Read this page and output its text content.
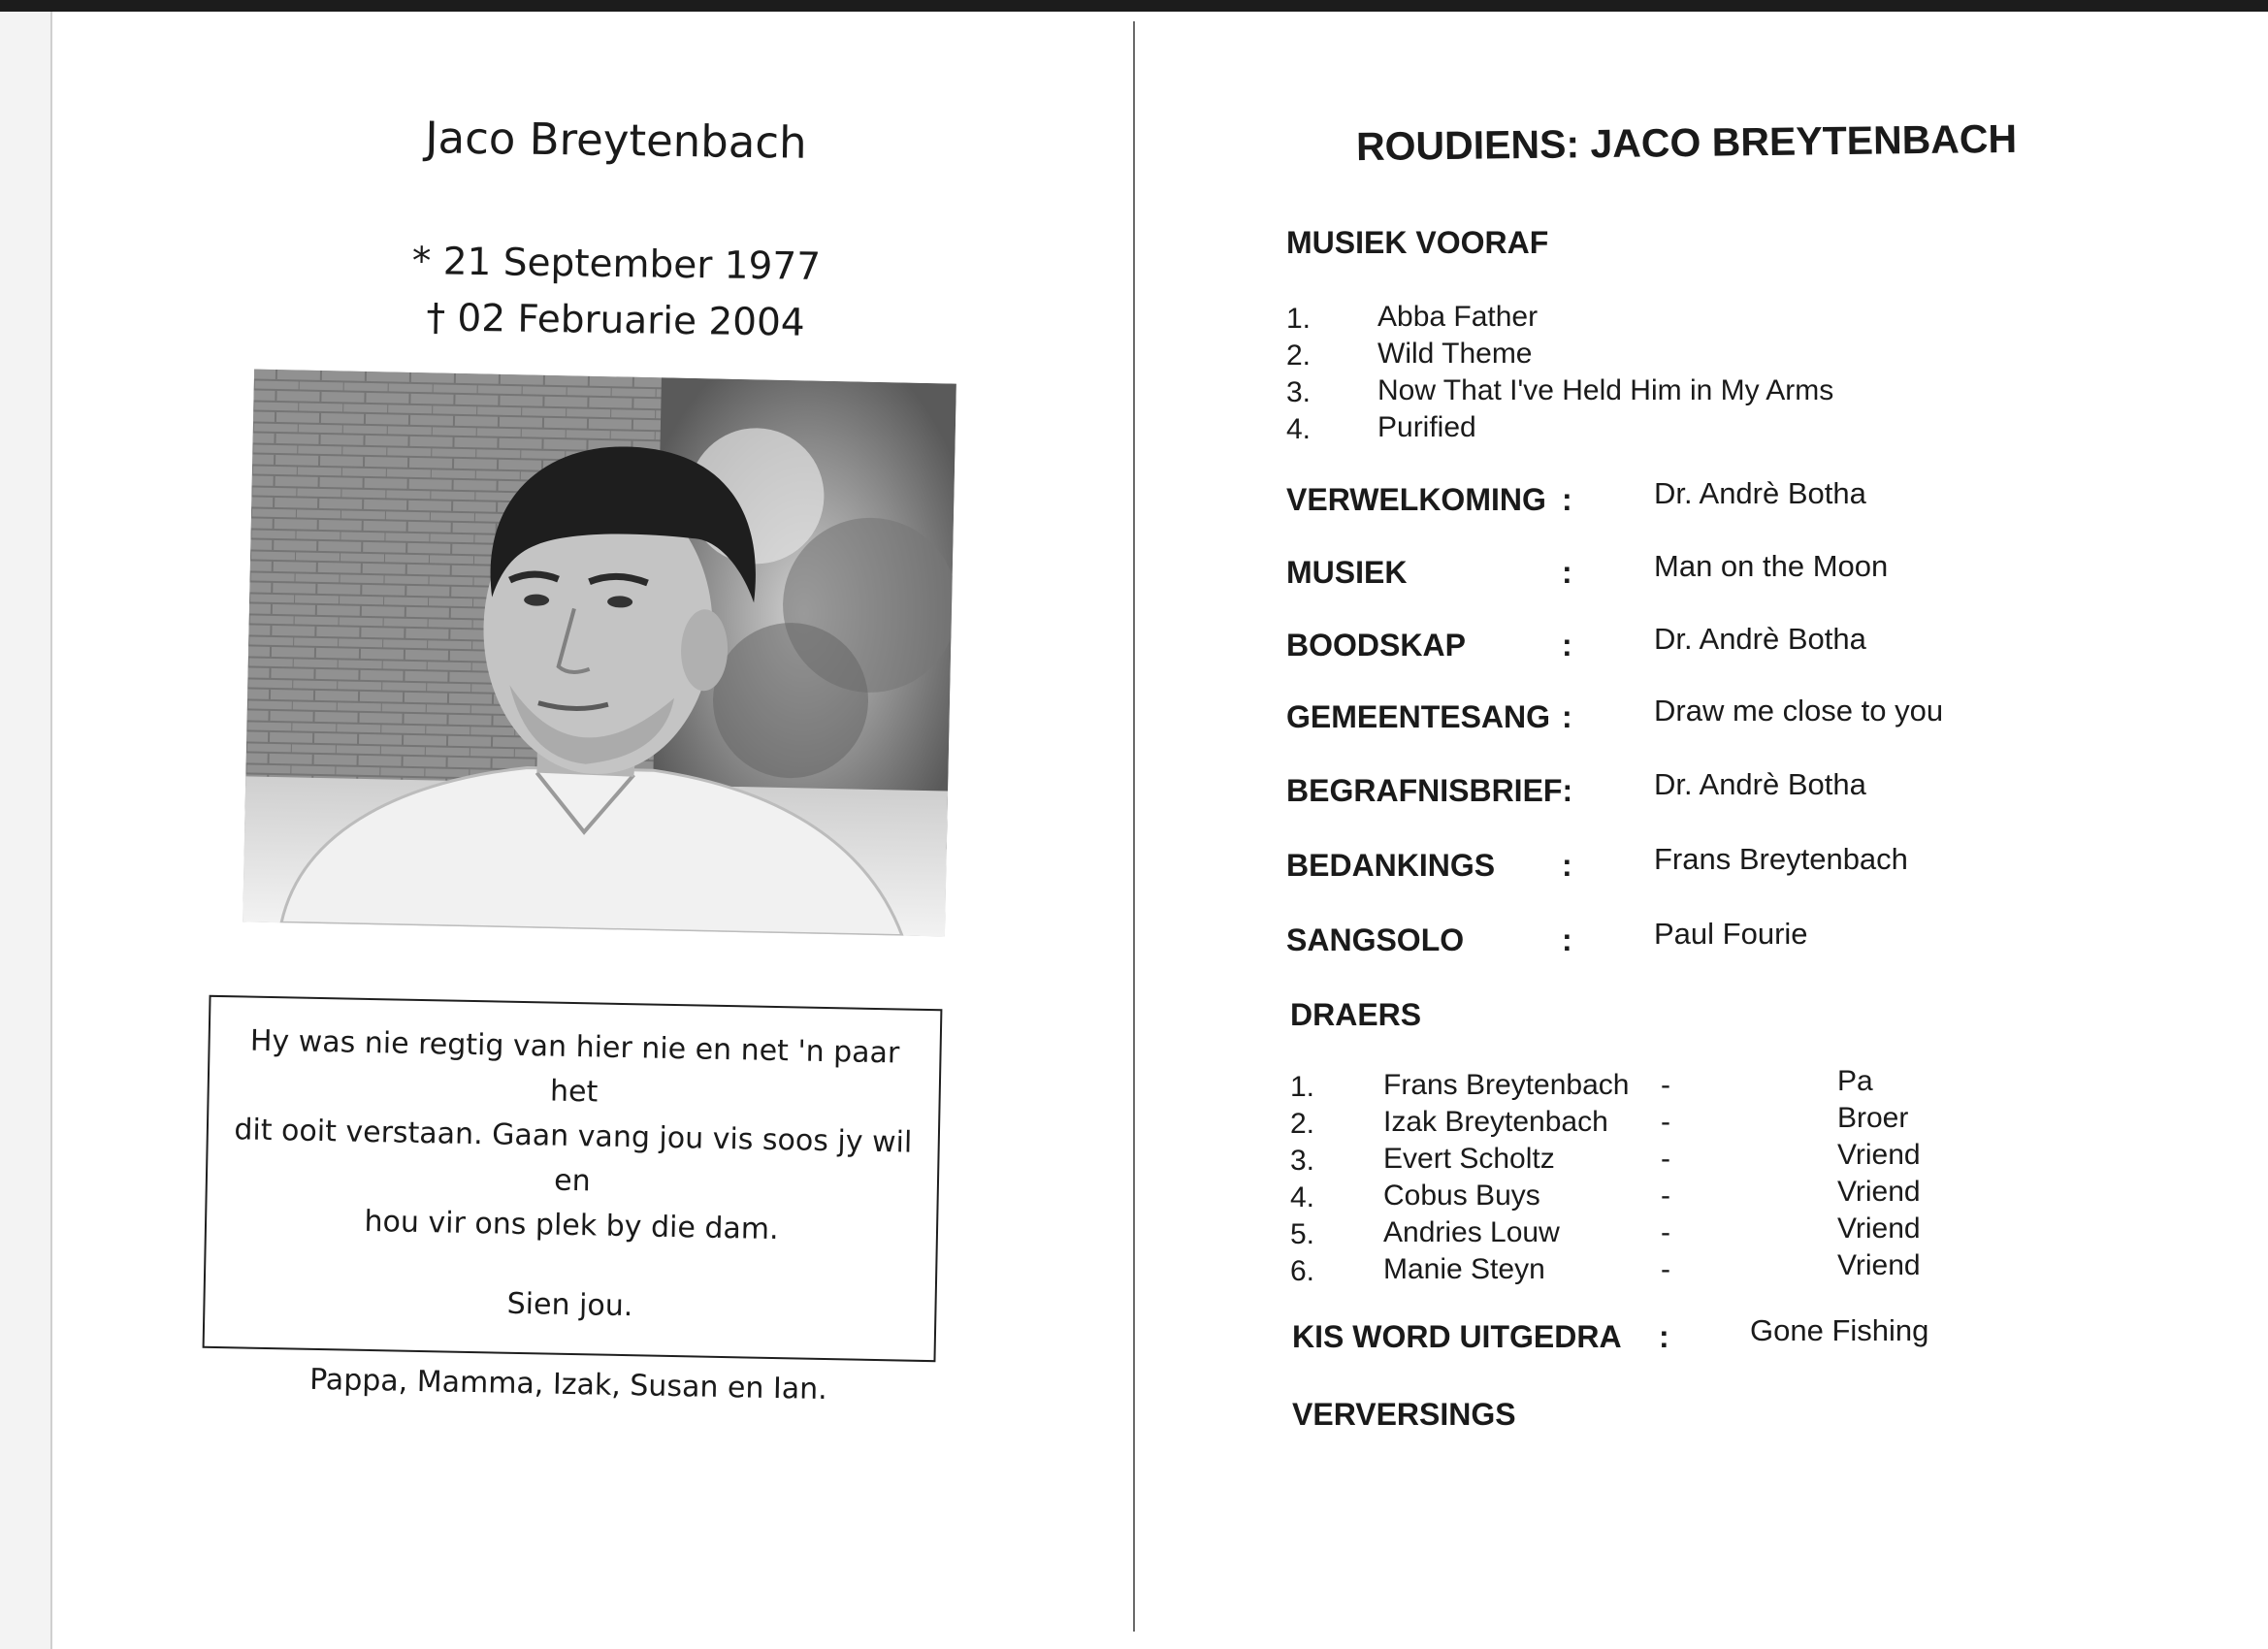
Jaco Breytenbach
* 21 September 1977
† 02 Februarie 2004

Hy was nie regtig van hier nie en net 'n paar het

dit ooit verstaan. Gaan vang jou vis soos jy wil en

hou vir ons plek by die dam.

Sien jou.

Pappa, Mamma, Izak, Susan en Ian.

ROUDIENS: JACO BREYTENBACH
MUSIEK VOORAF
1. Abba Father
2. Wild Theme
3. Now That I've Held Him in My Arms
4. Purified
VERWELKOMING :	Dr. Andrè Botha
MUSIEK	:	Man on the Moon
BOODSKAP	:	Dr. Andrè Botha
GEMEENTESANG :	Draw me close to you
BEGRAFNISBRIEF:	Dr. Andrè Botha
BEDANKINGS :	Frans Breytenbach
SANGSOLO	:	Paul Fourie
DRAERS
1. Frans Breytenbach -	Pa
2. Izak Breytenbach -	Broer
3. Evert Scholtz	-	Vriend
4. Cobus Buys	-	Vriend
5. Andries Louw	-	Vriend
6. Manie Steyn	-	Vriend
KIS WORD UITGEDRA :	Gone Fishing
VERVERSINGS
